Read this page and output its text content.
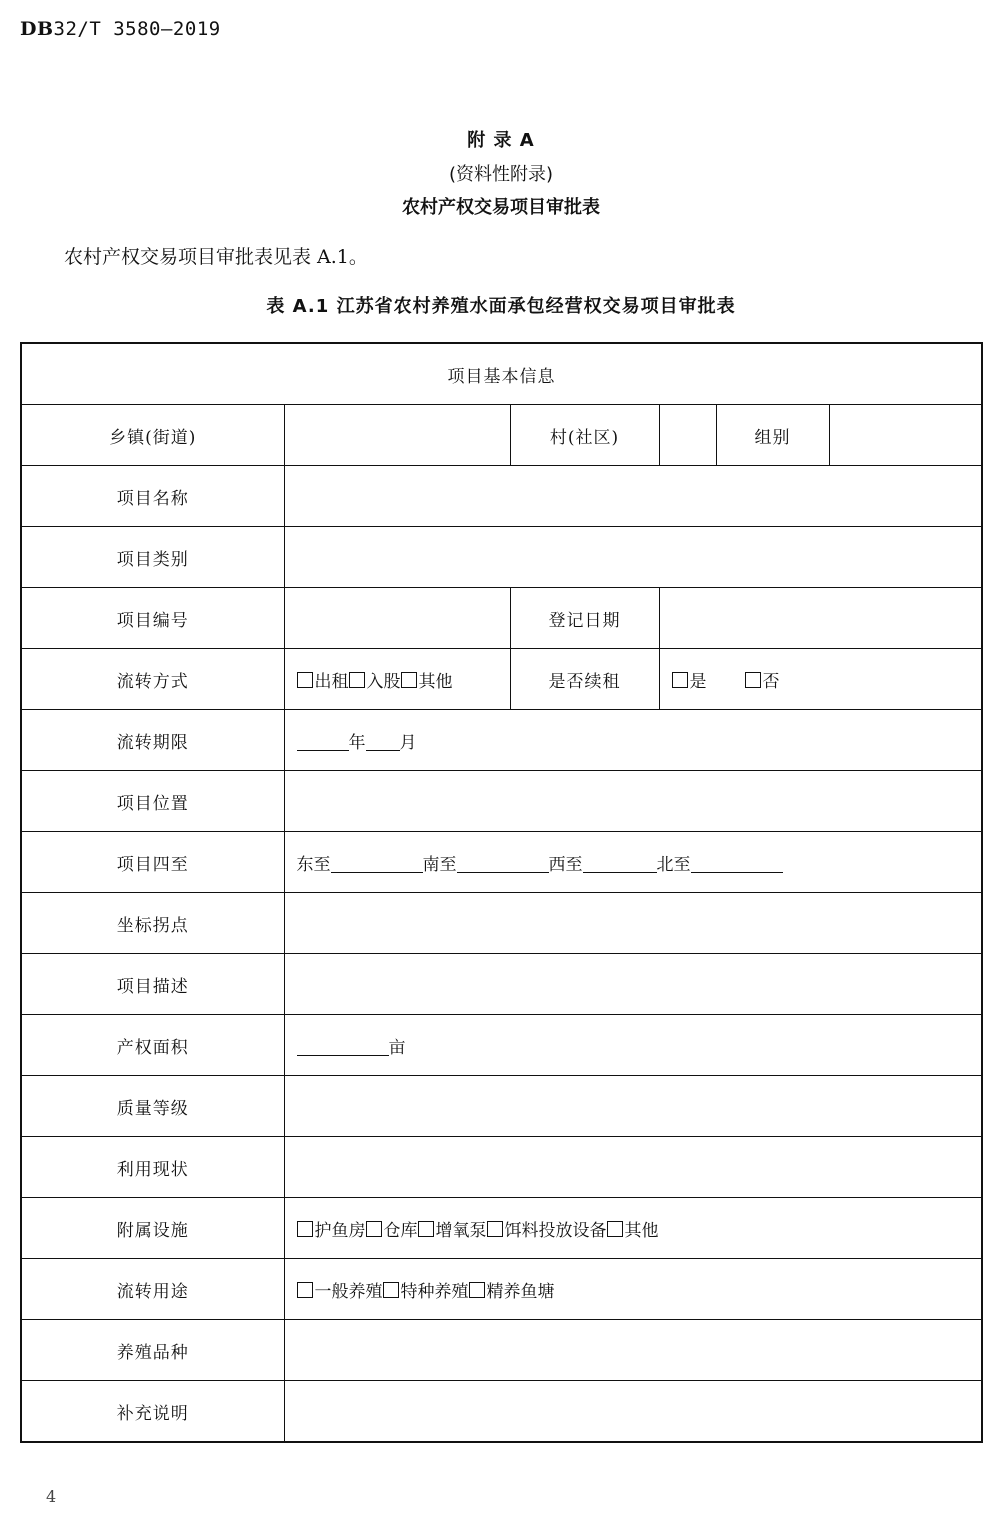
DB32/T 3580—2019
附 录 A
(资料性附录)
农村产权交易项目审批表
农村产权交易项目审批表见表 A.1。
表 A.1 江苏省农村养殖水面承包经营权交易项目审批表
项目基本信息					
乡镇(街道)		村(社区)		组别	
项目名称					
项目类别					
项目编号		登记日期			
流转方式	出租 入股 其他	是否续租	是 否		
流转期限	年 月				
项目位置					
项目四至	东至 南至 西至 北至				
坐标拐点					
项目描述					
产权面积	亩				
质量等级					
利用现状					
附属设施	护鱼房 仓库 增氧泵 饵料投放设备 其他				
流转用途	一般养殖 特种养殖 精养鱼塘				
养殖品种					
补充说明					
4
